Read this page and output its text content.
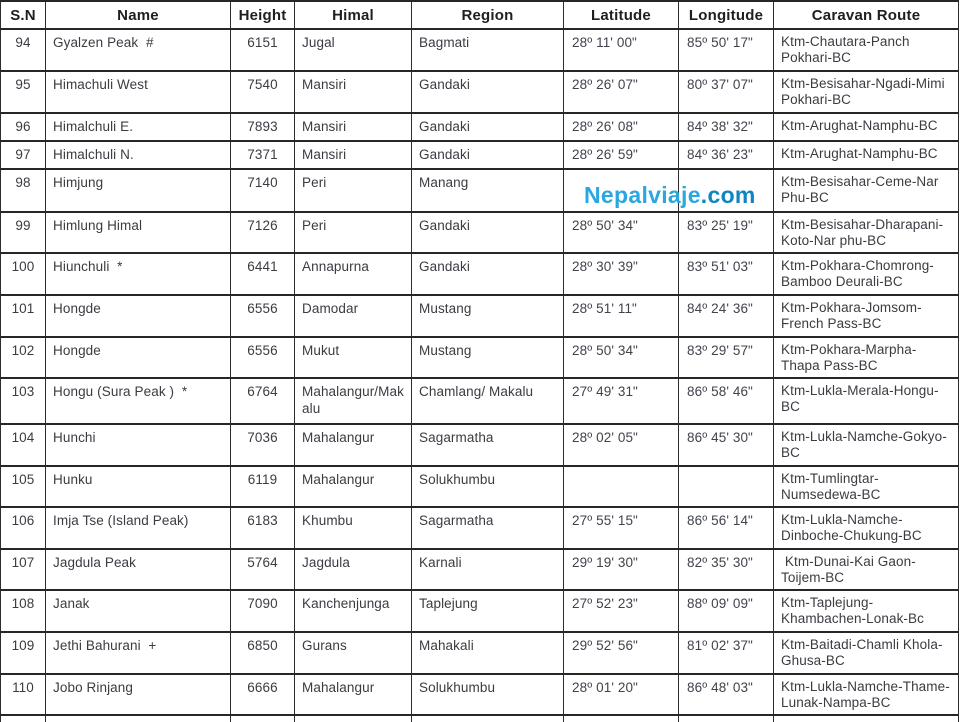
S.N	Name	Height	Himal	Region	Latitude	Longitude	Caravan Route
94	Gyalzen Peak  #	6151	Jugal	Bagmati	28º 11' 00"	85º 50' 17"	Ktm-Chautara-Panch Pokhari-BC
95	Himachuli West	7540	Mansiri	Gandaki	28º 26' 07"	80º 37' 07"	Ktm-Besisahar-Ngadi-Mimi Pokhari-BC
96	Himalchuli E.	7893	Mansiri	Gandaki	28º 26' 08"	84º 38' 32"	Ktm-Arughat-Namphu-BC
97	Himalchuli N.	7371	Mansiri	Gandaki	28º 26' 59"	84º 36' 23"	Ktm-Arughat-Namphu-BC
98	Himjung	7140	Peri	Manang			Ktm-Besisahar-Ceme-Nar Phu-BC
99	Himlung Himal	7126	Peri	Gandaki	28º 50' 34"	83º 25' 19"	Ktm-Besisahar-Dharapani-Koto-Nar phu-BC
100	Hiunchuli  *	6441	Annapurna	Gandaki	28º 30' 39"	83º 51' 03"	Ktm-Pokhara-Chomrong-Bamboo Deurali-BC
101	Hongde	6556	Damodar	Mustang	28º 51' 11"	84º 24' 36"	Ktm-Pokhara-Jomsom-French Pass-BC
102	Hongde	6556	Mukut	Mustang	28º 50' 34"	83º 29' 57"	Ktm-Pokhara-Marpha-Thapa Pass-BC
103	Hongu (Sura Peak )  *	6764	Mahalangur/Makalu	Chamlang/ Makalu	27º 49' 31"	86º 58' 46"	Ktm-Lukla-Merala-Hongu-BC
104	Hunchi	7036	Mahalangur	Sagarmatha	28º 02' 05"	86º 45' 30"	Ktm-Lukla-Namche-Gokyo-BC
105	Hunku	6119	Mahalangur	Solukhumbu			Ktm-Tumlingtar-Numsedewa-BC
106	Imja Tse (Island Peak)	6183	Khumbu	Sagarmatha	27º 55' 15"	86º 56' 14"	Ktm-Lukla-Namche-Dinboche-Chukung-BC
107	Jagdula Peak	5764	Jagdula	Karnali	29º 19' 30"	82º 35' 30"	Ktm-Dunai-Kai Gaon-Toijem-BC
108	Janak	7090	Kanchenjunga	Taplejung	27º 52' 23"	88º 09' 09"	Ktm-Taplejung-Khambachen-Lonak-Bc
109	Jethi Bahurani  +	6850	Gurans	Mahakali	29º 52' 56"	81º 02' 37"	Ktm-Baitadi-Chamli Khola-Ghusa-BC
110	Jobo Rinjang	6666	Mahalangur	Solukhumbu	28º 01' 20"	86º 48' 03"	Ktm-Lukla-Namche-Thame-Lunak-Nampa-BC

Nepalviaje.com
